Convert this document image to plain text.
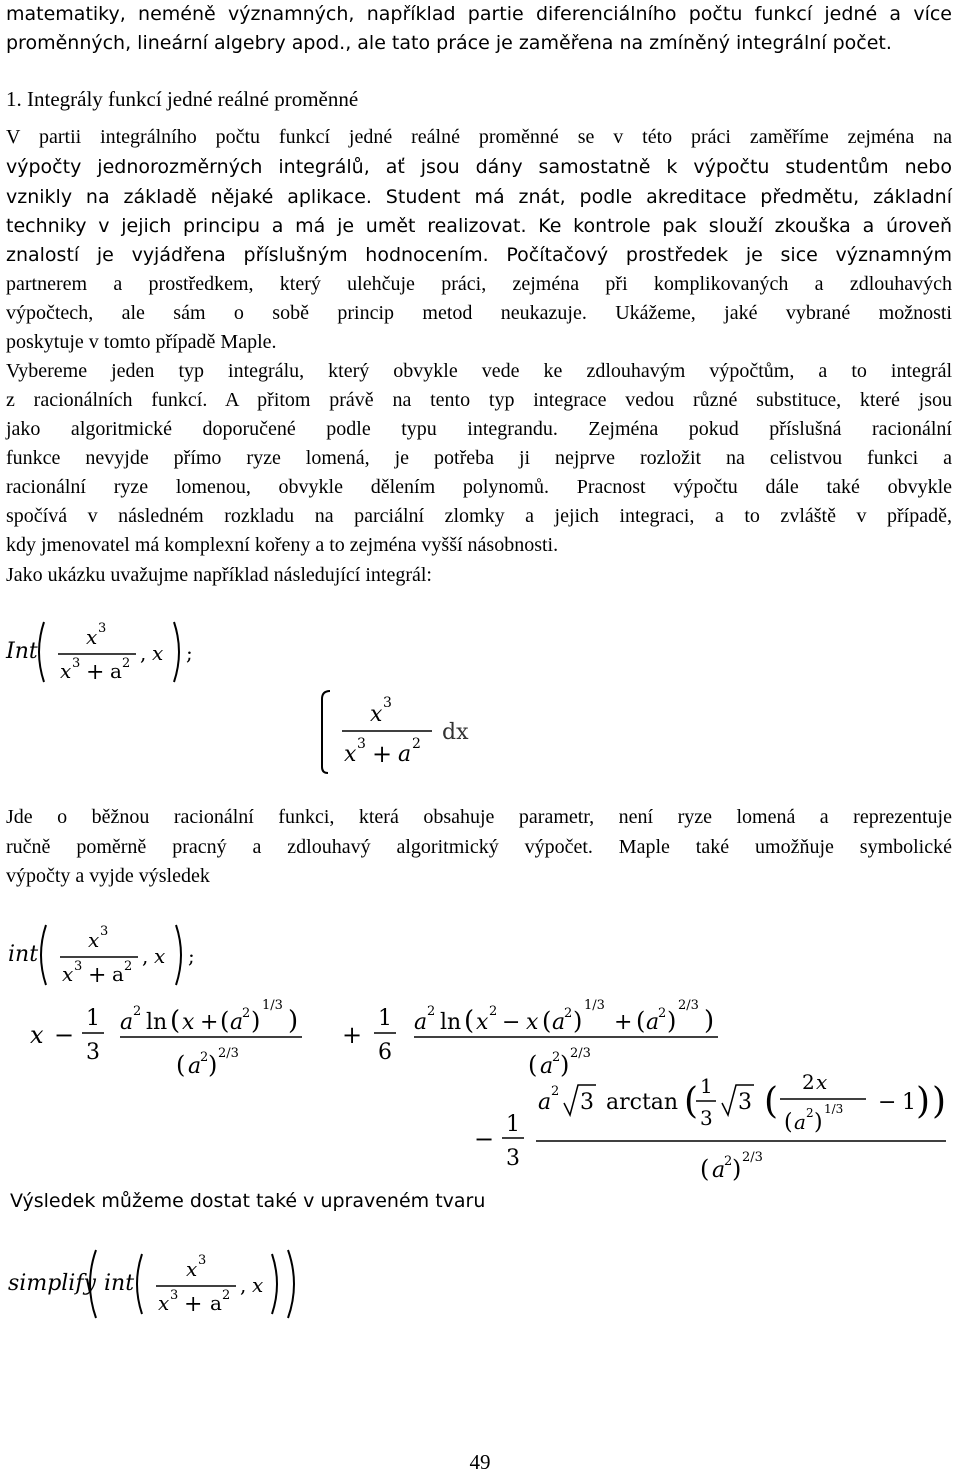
matematiky, neméně významných, například partie diferenciálního počtu funkcí jedné a více
proměnných, lineární algebry apod., ale tato práce je zaměřena na zmíněný integrální počet.
1. Integrály funkcí jedné reálné proměnné
V partii integrálního počtu funkcí jedné reálné proměnné se v této práci zaměříme zejména na
výpočty jednorozměrných integrálů, ať jsou dány samostatně k výpočtu studentům nebo
vznikly na základě nějaké aplikace. Student má znát, podle akreditace předmětu, základní
techniky v jejich principu a má je umět realizovat. Ke kontrole pak slouží zkouška a úroveň
znalostí je vyjádřena příslušným hodnocením. Počítačový prostředek je sice významným
partnerem a prostředkem, který ulehčuje práci, zejména při komplikovaných a zdlouhavých
výpočtech, ale sám o sobě princip metod neukazuje. Ukážeme, jaké vybrané možnosti
poskytuje v tomto případě Maple.
Vybereme jeden typ integrálu, který obvykle vede ke zdlouhavým výpočtům, a to integrál
z racionálních funkcí. A přitom právě na tento typ integrace vedou různé substituce, které jsou
jako algoritmické doporučené podle typu integrandu. Zejména pokud příslušná racionální
funkce nevyjde přímo ryze lomená, je potřeba ji nejprve rozložit na celistvou funkci a
racionální ryze lomenou, obvykle dělením polynomů. Pracnost výpočtu dále také obvykle
spočívá v následném rozkladu na parciální zlomky a jejich integraci, a to zvláště v případě,
kdy jmenovatel má komplexní kořeny a to zejména vyšší násobnosti.
Jako ukázku uvažujme například následující integrál:
Int
x 3
x 3 + a 2 , x ;
x 3
x 3 + a 2 dx
Jde o běžnou racionální funkci, která obsahuje parametr, není ryze lomená a reprezentuje
ručně poměrně pracný a zdlouhavý algoritmický výpočet. Maple také umožňuje symbolické
výpočty a vyjde výsledek
int
x 3
x 3 + a 2 , x ;
x −
1
3
a 2 ln ( x + ( a
2 )
1/3
)
( a
2 ) 2/3
+
1
6
a 2 ln ( x 2 − x ( a
2 )
1/3
+ ( a
2 )
2/3
)
( a
2 ) 2/3
−
1
3
a 2 3 arctan ( 1
3
3 ( 2 x
( a 2 )
1/3 − 1 ) )
( a
2 ) 2/3
Výsledek můžeme dostat také v upraveném tvaru
simplify int
x 3
x 3 + a 2 , x
49
